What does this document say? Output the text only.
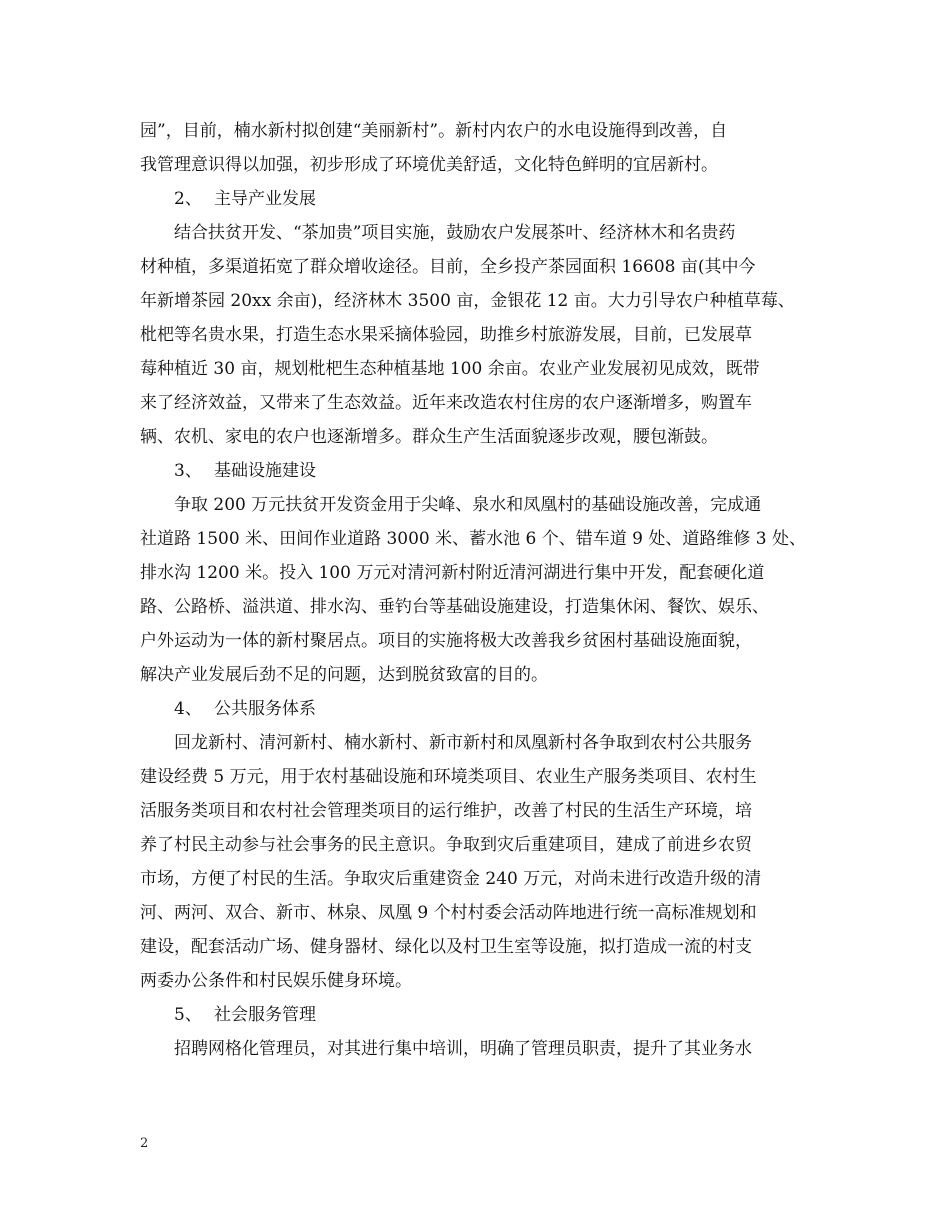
园”，目前，楠水新村拟创建“美丽新村”。新村内农户的水电设施得到改善，自
我管理意识得以加强，初步形成了环境优美舒适，文化特色鲜明的宜居新村。
2、 主导产业发展
　　结合扶贫开发、“茶加贵”项目实施，鼓励农户发展茶叶、经济林木和名贵药
材种植，多渠道拓宽了群众增收途径。目前，全乡投产茶园面积 16608 亩(其中今
年新增茶园 20xx 余亩)，经济林木 3500 亩，金银花 12 亩。大力引导农户种植草莓、
枇杷等名贵水果，打造生态水果采摘体验园，助推乡村旅游发展，目前，已发展草
莓种植近 30 亩，规划枇杷生态种植基地 100 余亩。农业产业发展初见成效，既带
来了经济效益，又带来了生态效益。近年来改造农村住房的农户逐渐增多，购置车
辆、农机、家电的农户也逐渐增多。群众生产生活面貌逐步改观，腰包渐鼓。
3、 基础设施建设
　　争取 200 万元扶贫开发资金用于尖峰、泉水和凤凰村的基础设施改善，完成通
社道路 1500 米、田间作业道路 3000 米、蓄水池 6 个、错车道 9 处、道路维修 3 处、
排水沟 1200 米。投入 100 万元对清河新村附近清河湖进行集中开发，配套硬化道
路、公路桥、溢洪道、排水沟、垂钓台等基础设施建设，打造集休闲、餐饮、娱乐、
户外运动为一体的新村聚居点。项目的实施将极大改善我乡贫困村基础设施面貌，
解决产业发展后劲不足的问题，达到脱贫致富的目的。
4、 公共服务体系
　　回龙新村、清河新村、楠水新村、新市新村和凤凰新村各争取到农村公共服务
建设经费 5 万元，用于农村基础设施和环境类项目、农业生产服务类项目、农村生
活服务类项目和农村社会管理类项目的运行维护，改善了村民的生活生产环境，培
养了村民主动参与社会事务的民主意识。争取到灾后重建项目，建成了前进乡农贸
市场，方便了村民的生活。争取灾后重建资金 240 万元，对尚未进行改造升级的清
河、两河、双合、新市、林泉、凤凰 9 个村村委会活动阵地进行统一高标准规划和
建设，配套活动广场、健身器材、绿化以及村卫生室等设施，拟打造成一流的村支
两委办公条件和村民娱乐健身环境。
5、 社会服务管理
　　招聘网格化管理员，对其进行集中培训，明确了管理员职责，提升了其业务水
2
